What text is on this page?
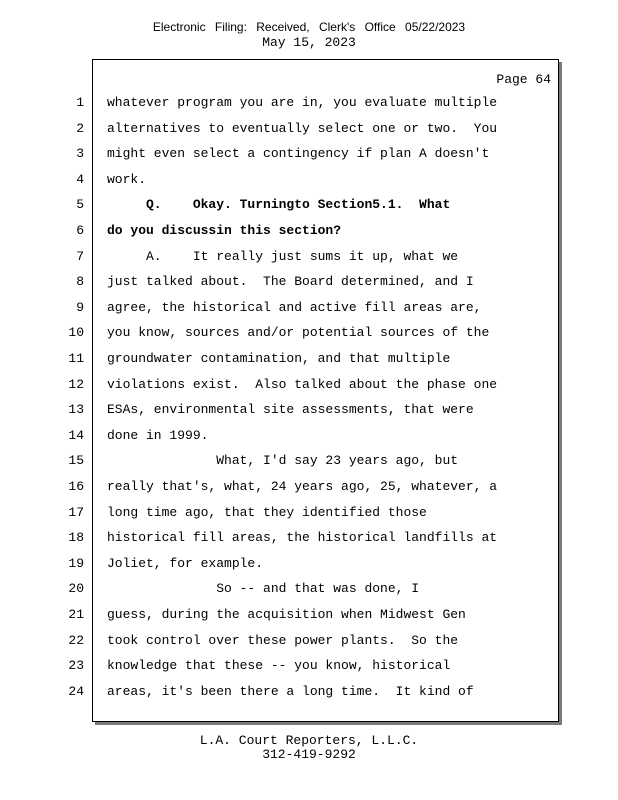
Electronic Filing: Received, Clerk's Office 05/22/2023
May 15, 2023
Page 64
1 whatever program you are in, you evaluate multiple
2 alternatives to eventually select one or two.  You
3 might even select a contingency if plan A doesn't
4 work.
5 Q.    Okay. Turningto Section5.1.  What
6 do you discussin this section?
7 A.    It really just sums it up, what we
8 just talked about.  The Board determined, and I
9 agree, the historical and active fill areas are,
10 you know, sources and/or potential sources of the
11 groundwater contamination, and that multiple
12 violations exist.  Also talked about the phase one
13 ESAs, environmental site assessments, that were
14 done in 1999.
15 What, I'd say 23 years ago, but
16 really that's, what, 24 years ago, 25, whatever, a
17 long time ago, that they identified those
18 historical fill areas, the historical landfills at
19 Joliet, for example.
20 So -- and that was done, I
21 guess, during the acquisition when Midwest Gen
22 took control over these power plants.  So the
23 knowledge that these -- you know, historical
24 areas, it's been there a long time.  It kind of
L.A. Court Reporters, L.L.C.
312-419-9292
